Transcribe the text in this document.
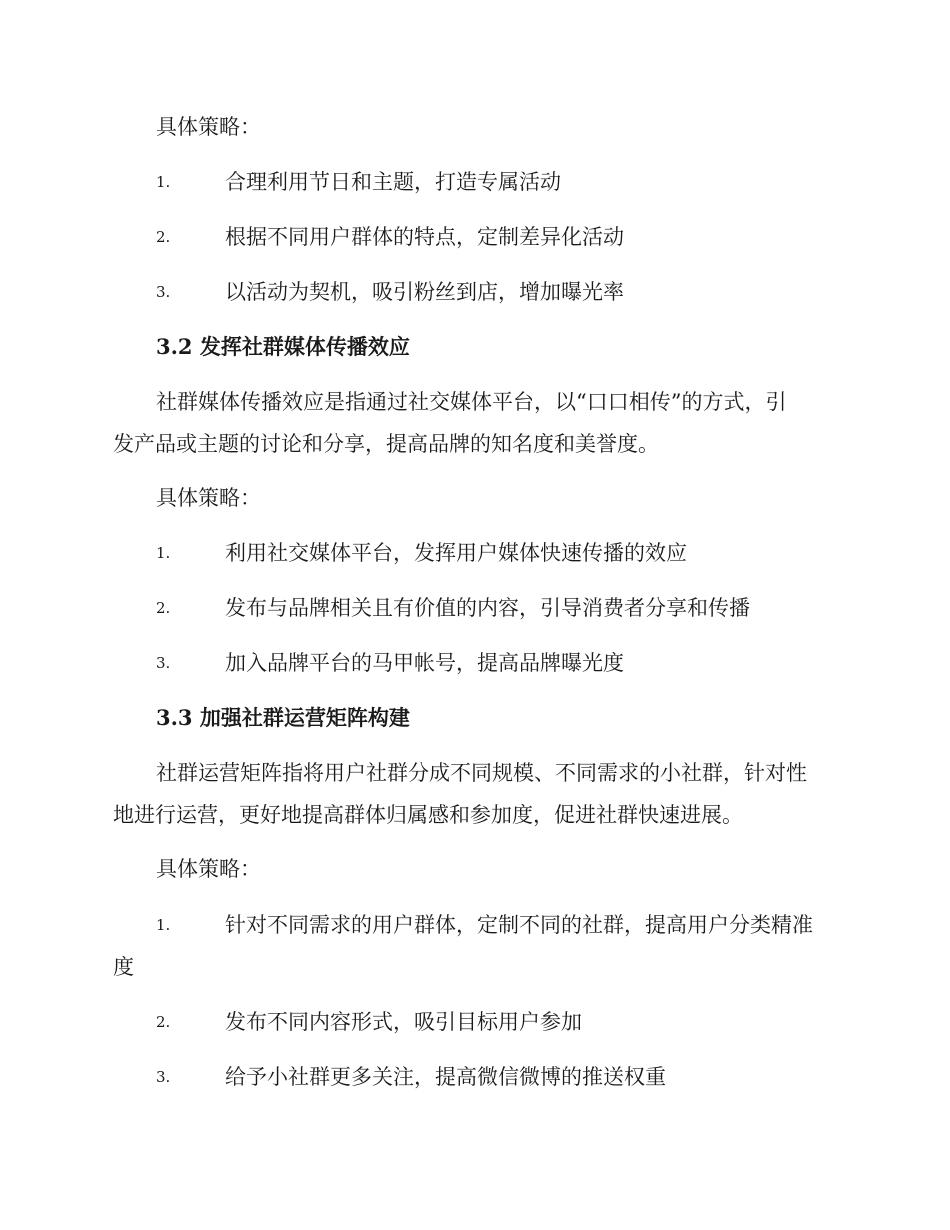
具体策略：
1.	合理利用节日和主题，打造专属活动
2.	根据不同用户群体的特点，定制差异化活动
3.	以活动为契机，吸引粉丝到店，增加曝光率
3.2 发挥社群媒体传播效应
社群媒体传播效应是指通过社交媒体平台，以“口口相传”的方式，引
发产品或主题的讨论和分享，提高品牌的知名度和美誉度。
具体策略：
1.	利用社交媒体平台，发挥用户媒体快速传播的效应
2.	发布与品牌相关且有价值的内容，引导消费者分享和传播
3.	加入品牌平台的马甲帐号，提高品牌曝光度
3.3 加强社群运营矩阵构建
社群运营矩阵指将用户社群分成不同规模、不同需求的小社群，针对性
地进行运营，更好地提高群体归属感和参加度，促进社群快速进展。
具体策略：
1.	针对不同需求的用户群体，定制不同的社群，提高用户分类精准
度
2.	发布不同内容形式，吸引目标用户参加
3.	给予小社群更多关注，提高微信微博的推送权重
